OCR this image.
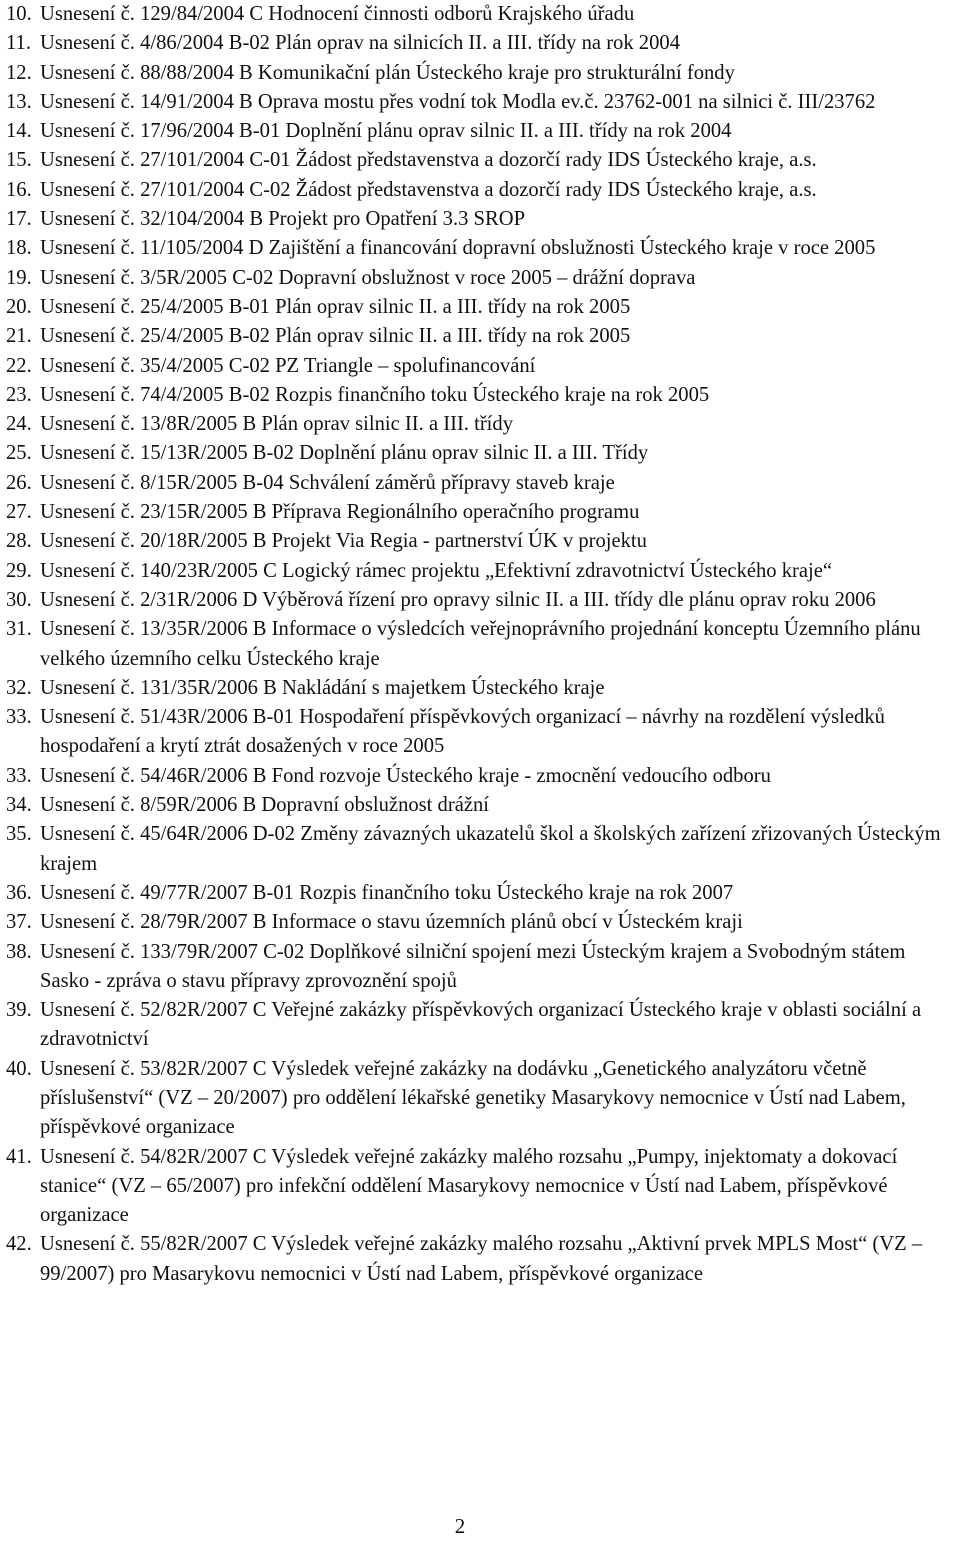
10. Usnesení č. 129/84/2004 C Hodnocení činnosti odborů Krajského úřadu
11. Usnesení č. 4/86/2004 B-02 Plán oprav na silnicích II. a III. třídy na rok 2004
12. Usnesení č. 88/88/2004 B Komunikační plán Ústeckého kraje pro strukturální fondy
13. Usnesení č. 14/91/2004 B Oprava mostu přes vodní tok Modla ev.č. 23762-001 na silnici č. III/23762
14. Usnesení č. 17/96/2004 B-01 Doplnění plánu oprav silnic II. a III. třídy na rok 2004
15. Usnesení č. 27/101/2004 C-01 Žádost představenstva a dozorčí rady IDS Ústeckého kraje, a.s.
16. Usnesení č. 27/101/2004 C-02 Žádost představenstva a dozorčí rady IDS Ústeckého kraje, a.s.
17. Usnesení č. 32/104/2004 B Projekt pro Opatření 3.3 SROP
18. Usnesení č. 11/105/2004 D Zajištění a financování dopravní obslužnosti Ústeckého kraje v roce 2005
19. Usnesení č. 3/5R/2005 C-02 Dopravní obslužnost v roce 2005 – drážní doprava
20. Usnesení č. 25/4/2005 B-01 Plán oprav silnic II. a III. třídy na rok 2005
21. Usnesení č. 25/4/2005 B-02 Plán oprav silnic II. a III. třídy na rok 2005
22. Usnesení č. 35/4/2005 C-02 PZ Triangle – spolufinancování
23. Usnesení č. 74/4/2005 B-02 Rozpis finančního toku Ústeckého kraje na rok 2005
24. Usnesení č. 13/8R/2005 B Plán oprav silnic II. a III. třídy
25. Usnesení č. 15/13R/2005 B-02 Doplnění plánu oprav silnic II. a III. Třídy
26. Usnesení č. 8/15R/2005 B-04 Schválení záměrů přípravy staveb kraje
27. Usnesení č. 23/15R/2005 B Příprava Regionálního operačního programu
28. Usnesení č. 20/18R/2005 B Projekt Via Regia - partnerství ÚK v projektu
29. Usnesení č. 140/23R/2005 C Logický rámec projektu „Efektivní zdravotnictví Ústeckého kraje“
30. Usnesení č. 2/31R/2006 D Výběrová řízení pro opravy silnic II. a III. třídy dle plánu oprav roku 2006
31. Usnesení č. 13/35R/2006 B Informace o výsledcích veřejnoprávního projednání konceptu Územního plánu velkého územního celku Ústeckého kraje
32. Usnesení č. 131/35R/2006 B Nakládání s majetkem Ústeckého kraje
33. Usnesení č. 51/43R/2006 B-01 Hospodaření příspěvkových organizací – návrhy na rozdělení výsledků hospodaření a krytí ztrát dosažených v roce 2005
33. Usnesení č. 54/46R/2006 B Fond rozvoje Ústeckého kraje - zmocnění vedoucího odboru
34. Usnesení č. 8/59R/2006 B Dopravní obslužnost drážní
35. Usnesení č. 45/64R/2006 D-02 Změny závazných ukazatelů škol a školských zařízení zřizovaných Ústeckým krajem
36. Usnesení č. 49/77R/2007 B-01 Rozpis finančního toku Ústeckého kraje na rok 2007
37. Usnesení č. 28/79R/2007 B Informace o stavu územních plánů obcí v Ústeckém kraji
38. Usnesení č. 133/79R/2007 C-02 Doplňkové silniční spojení mezi Ústeckým krajem a Svobodným státem Sasko - zpráva o stavu přípravy zprovoznění spojů
39. Usnesení č. 52/82R/2007 C Veřejné zakázky příspěvkových organizací Ústeckého kraje v oblasti sociální a zdravotnictví
40. Usnesení č. 53/82R/2007 C Výsledek veřejné zakázky na dodávku „Genetického analyzátoru včetně příslušenství“ (VZ – 20/2007) pro oddělení lékařské genetiky Masarykovy nemocnice v Ústí nad Labem, příspěvkové organizace
41. Usnesení č. 54/82R/2007 C Výsledek veřejné zakázky malého rozsahu „Pumpy, injektomaty a dokovací stanice“ (VZ – 65/2007) pro infekční oddělení Masarykovy nemocnice v Ústí nad Labem, příspěvkové organizace
42. Usnesení č. 55/82R/2007 C Výsledek veřejné zakázky malého rozsahu „Aktivní prvek MPLS Most“ (VZ – 99/2007) pro Masarykovu nemocnici v Ústí nad Labem, příspěvkové organizace
2
